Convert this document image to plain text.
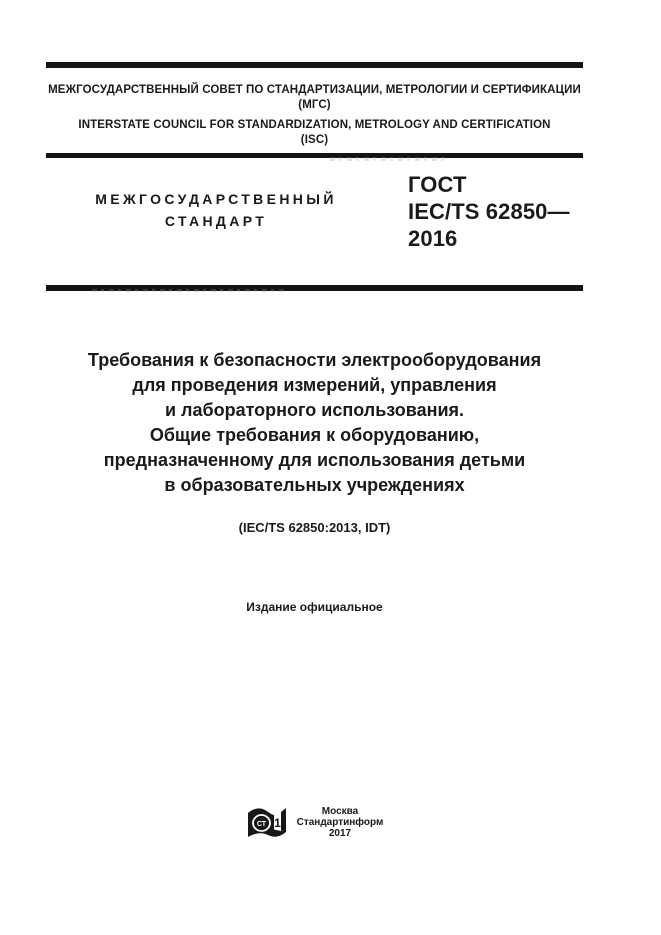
МЕЖГОСУДАРСТВЕННЫЙ СОВЕТ ПО СТАНДАРТИЗАЦИИ, МЕТРОЛОГИИ И СЕРТИФИКАЦИИ
(МГС)
INTERSTATE COUNCIL FOR STANDARDIZATION, METROLOGY AND CERTIFICATION
(ISC)
МЕЖГОСУДАРСТВЕННЫЙ
СТАНДАРТ
ГОСТ
IEC/TS 62850—
2016
Требования к безопасности электрооборудования
для проведения измерений, управления
и лабораторного использования.
Общие требования к оборудованию,
предназначенному для использования детьми
в образовательных учреждениях
(IEC/TS 62850:2013, IDT)
Издание официальное
СТ 1
Москва
Стандартинформ
2017
